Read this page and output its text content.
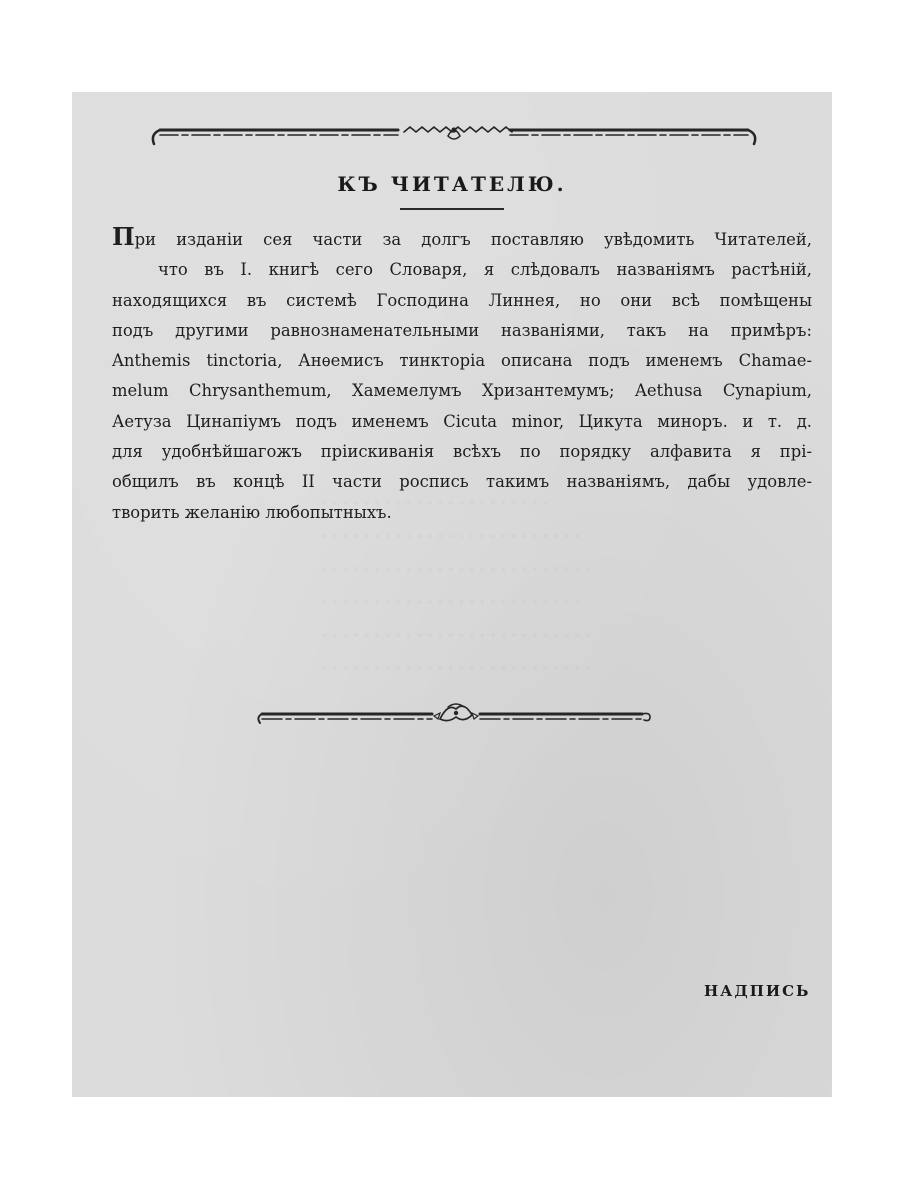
· · · · · · · · · · · · · · · · · · · · · ·
· · · · · · · · · · · · · · · · · · · · · · · · ·
· · · · · · · · · · · · · · · · · · · · · · · · · ·
· · · · · · · · · · · · · · · · · · · · · · · · ·
· · · · · · · · · · · · · · · · · · · · · · · · · ·
· · · · · · · · · · · · · · · · · · · · · · · · · ·
КЪ ЧИТАТЕЛЮ.
При изданіи сея части за долгъ поставляю увѣдомить Читателей,
что въ I. книгѣ сего Словаря, я слѣдовалъ названіямъ растѣній,
находящихся въ системѣ Господина Линнея, но они всѣ помѣщены
подъ другими равнознаменательными названіями, такъ на примѣръ:
Anthemis tinctoria, Анѳемисъ тинкторіа описана подъ именемъ Chamae-
melum Chrysanthemum, Хамемелумъ Хризантемумъ; Aethusa Cynapium,
Аетуза Цинапіумъ подъ именемъ Cicuta minor, Цикута миноръ. и т. д.
для удобнѣйшагожъ пріискиванія всѣхъ по порядку алфавита я прі-
общилъ въ концѣ II части роспись такимъ названіямъ, дабы удовле-
творить желанію любопытныхъ.
НАДПИСЬ
